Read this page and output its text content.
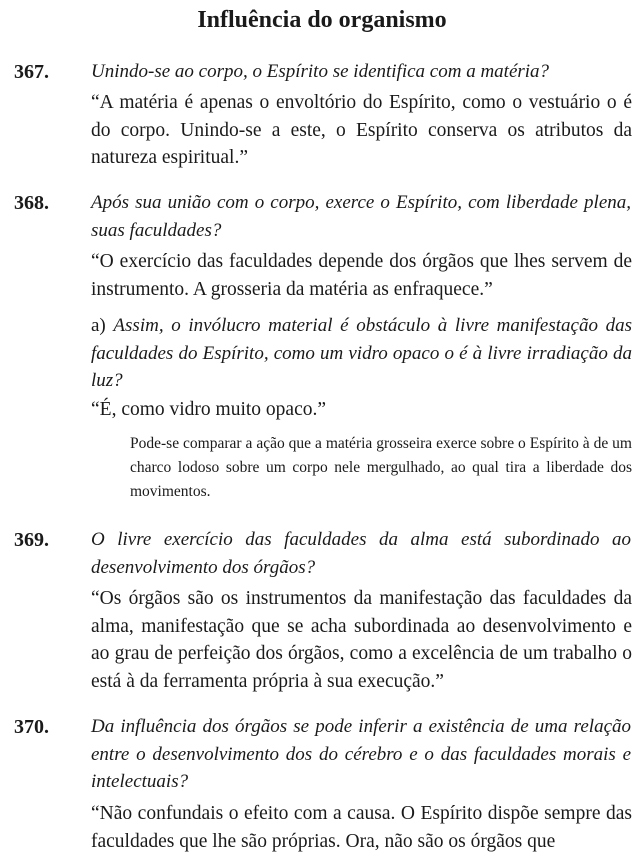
Influência do organismo
367. Unindo-se ao corpo, o Espírito se identifica com a matéria?
“A matéria é apenas o envoltório do Espírito, como o vestuário o é do corpo. Unindo-se a este, o Espírito conserva os atributos da natureza espiritual.”
368. Após sua união com o corpo, exerce o Espírito, com liberdade plena, suas faculdades?
“O exercício das faculdades depende dos órgãos que lhes servem de instrumento. A grosseria da matéria as enfraquece.”
a) Assim, o invólucro material é obstáculo à livre manifestação das faculdades do Espírito, como um vidro opaco o é à livre irradiação da luz?
“É, como vidro muito opaco.”
Pode-se comparar a ação que a matéria grosseira exerce sobre o Espírito à de um charco lodoso sobre um corpo nele mergulhado, ao qual tira a liberdade dos movimentos.
369. O livre exercício das faculdades da alma está subordinado ao desenvolvimento dos órgãos?
“Os órgãos são os instrumentos da manifestação das faculdades da alma, manifestação que se acha subordinada ao desenvolvimento e ao grau de perfeição dos órgãos, como a excelência de um trabalho o está à da ferramenta própria à sua execução.”
370. Da influência dos órgãos se pode inferir a existência de uma relação entre o desenvolvimento dos do cérebro e o das faculdades morais e intelectuais?
“Não confundais o efeito com a causa. O Espírito dispõe sempre das faculdades que lhe são próprias. Ora, não são os órgãos que
